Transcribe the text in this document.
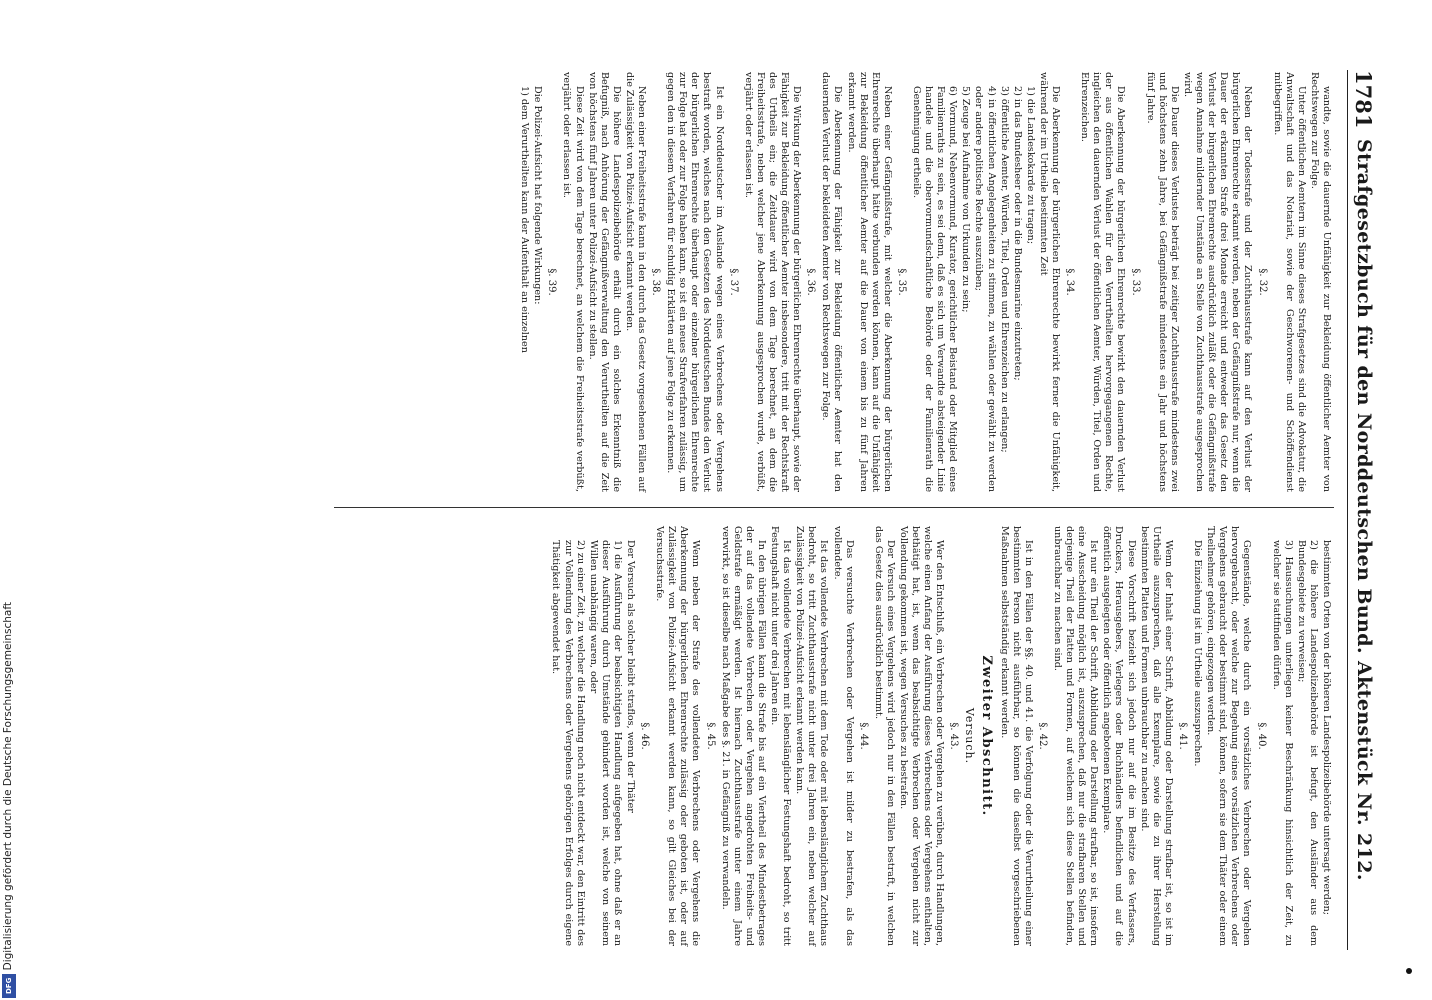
1781
Strafgesetzbuch für den Norddeutschen Bund. Aktenstück Nr. 212.

wandte, sowie die dauernde Unfähigkeit zur Bekleidung öffentlicher Aemter von Rechtswegen zur Folge.

Unter öffentlichen Aemtern im Sinne dieses Strafgesetzes sind die Advokatur, die Anwaltschaft und das Notariat, sowie der Geschworenen- und Schöffendienst mitbegriffen.

§. 32.

Neben der Todesstrafe und der Zuchthausstrafe kann auf den Verlust der bürgerlichen Ehrenrechte erkannt werden, neben der Gefängnißstrafe nur, wenn die Dauer der erkannten Strafe drei Monate erreicht und entweder das Gesetz den Verlust der bürgerlichen Ehrenrechte ausdrücklich zuläßt oder die Gefängnißstrafe wegen Annahme mildernder Umstände an Stelle von Zuchthausstrafe ausgesprochen wird.

Die Dauer dieses Verlustes beträgt bei zeitiger Zuchthausstrafe mindestens zwei und höchstens zehn Jahre, bei Gefängnißstrafe mindestens ein Jahr und höchstens fünf Jahre.

§. 33.

Die Aberkennung der bürgerlichen Ehrenrechte bewirkt den dauernden Verlust der aus öffentlichen Wahlen für den Verurtheilten hervorgegangenen Rechte, ingleichen den dauernden Verlust der öffentlichen Aemter, Würden, Titel, Orden und Ehrenzeichen.

§. 34.

Die Aberkennung der bürgerlichen Ehrenrechte bewirkt ferner die Unfähigkeit, während der im Urtheile bestimmten Zeit

1) die Landeskokarde zu tragen;

2) in das Bundesheer oder in die Bundesmarine einzutreten;

3) öffentliche Aemter, Würden, Titel, Orden und Ehrenzeichen zu erlangen;

4) in öffentlichen Angelegenheiten zu stimmen, zu wählen oder gewählt zu werden oder andere politische Rechte auszuüben;

5) Zeuge bei Aufnahme von Urkunden zu sein;

6) Vormund, Nebenvormund, Kurator, gerichtlicher Beistand oder Mitglied eines Familienraths zu sein, es sei denn, daß es sich um Verwandte absteigender Linie handele und die obervormundschaftliche Behörde oder der Familienrath die Genehmigung ertheile.

§. 35.

Neben einer Gefängnißstrafe, mit welcher die Aberkennung der bürgerlichen Ehrenrechte überhaupt hätte verbunden werden können, kann auf die Unfähigkeit zur Bekleidung öffentlicher Aemter auf die Dauer von einem bis zu fünf Jahren erkannt werden.

Die Aberkennung der Fähigkeit zur Bekleidung öffentlicher Aemter hat den dauernden Verlust der bekleideten Aemter von Rechtswegen zur Folge.

§. 36.

Die Wirkung der Aberkennung der bürgerlichen Ehrenrechte überhaupt, sowie der Fähigkeit zur Bekleidung öffentlicher Aemter insbesondere, tritt mit der Rechtskraft des Urtheils ein; die Zeitdauer wird von dem Tage berechnet, an dem die Freiheitsstrafe, neben welcher jene Aberkennung ausgesprochen wurde, verbüßt, verjährt oder erlassen ist.

§. 37.

Ist ein Norddeutscher im Auslande wegen eines Verbrechens oder Vergehens bestraft worden, welches nach den Gesetzen des Norddeutschen Bundes den Verlust der bürgerlichen Ehrenrechte überhaupt oder einzelner bürgerlichen Ehrenrechte zur Folge hat oder zur Folge haben kann, so ist ein neues Strafverfahren zulässig, um gegen den in diesem Verfahren für schuldig Erklärten auf jene Folge zu erkennen.

§. 38.

Neben einer Freiheitsstrafe kann in den durch das Gesetz vorgesehenen Fällen auf die Zulässigkeit von Polizei-Aufsicht erkannt werden.

Die höhere Landespolizeibehörde erhält durch ein solches Erkenntniß die Befugniß, nach Anhörung der Gefängnißverwaltung den Verurtheilten auf die Zeit von höchstens fünf Jahren unter Polizei-Aufsicht zu stellen.

Diese Zeit wird von dem Tage berechnet, an welchem die Freiheitsstrafe verbüßt, verjährt oder erlassen ist.

§. 39.

Die Polizei-Aufsicht hat folgende Wirkungen:

1) dem Verurtheilten kann der Aufenthalt an einzelnen

bestimmten Orten von der höheren Landespolizeibehörde untersagt werden;

2) die höhere Landespolizeibehörde ist befugt, den Ausländer aus dem Bundesgebiete zu verweisen;

3) Haussuchungen unterliegen keiner Beschränkung hinsichtlich der Zeit, zu welcher sie stattfinden dürfen.

§. 40.

Gegenstände, welche durch ein vorsätzliches Verbrechen oder Vergehen hervorgebracht, oder welche zur Begehung eines vorsätzlichen Verbrechens oder Vergehens gebraucht oder bestimmt sind, können, sofern sie dem Thäter oder einem Theilnehmer gehören, eingezogen werden.

Die Einziehung ist im Urtheile auszusprechen.

§. 41.

Wenn der Inhalt einer Schrift, Abbildung oder Darstellung strafbar ist, so ist im Urtheile auszusprechen, daß alle Exemplare, sowie die zu ihrer Herstellung bestimmten Platten und Formen unbrauchbar zu machen sind.

Diese Vorschrift bezieht sich jedoch nur auf die im Besitze des Verfassers, Druckers, Herausgebers, Verlegers oder Buchhändlers befindlichen und auf die öffentlich ausgelegten oder öffentlich angebotenen Exemplare.

Ist nur ein Theil der Schrift, Abbildung oder Darstellung strafbar, so ist, insofern eine Ausscheidung möglich ist, auszusprechen, daß nur die strafbaren Stellen und derjenige Theil der Platten und Formen, auf welchem sich diese Stellen befinden, unbrauchbar zu machen sind.

§. 42.

Ist in den Fällen der §§. 40. und 41. die Verfolgung oder die Verurtheilung einer bestimmten Person nicht ausführbar, so können die daselbst vorgeschriebenen Maßnahmen selbstständig erkannt werden.

Zweiter Abschnitt.
Versuch.
§. 43.

Wer den Entschluß, ein Verbrechen oder Vergehen zu verüben, durch Handlungen, welche einen Anfang der Ausführung dieses Verbrechens oder Vergehens enthalten, bethätigt hat, ist, wenn das beabsichtigte Verbrechen oder Vergehen nicht zur Vollendung gekommen ist, wegen Versuches zu bestrafen.

Der Versuch eines Vergehens wird jedoch nur in den Fällen bestraft, in welchen das Gesetz dies ausdrücklich bestimmt.

§. 44.

Das versuchte Verbrechen oder Vergehen ist milder zu bestrafen, als das vollendete.

Ist das vollendete Verbrechen mit dem Tode oder mit lebenslänglichem Zuchthaus bedroht, so tritt Zuchthausstrafe nicht unter drei Jahren ein, neben welcher auf Zulässigkeit von Polizei-Aufsicht erkannt werden kann.

Ist das vollendete Verbrechen mit lebenslänglicher Festungshaft bedroht, so tritt Festungshaft nicht unter drei Jahren ein.

In den übrigen Fällen kann die Strafe bis auf ein Viertheil des Mindestbetrages der auf das vollendete Verbrechen oder Vergehen angedrohten Freiheits- und Geldstrafe ermäßigt werden. Ist hiernach Zuchthausstrafe unter einem Jahre verwirkt, so ist dieselbe nach Maßgabe des §. 21. in Gefängniß zu verwandeln.

§. 45.

Wenn neben der Strafe des vollendeten Verbrechens oder Vergehens die Aberkennung der bürgerlichen Ehrenrechte zulässig oder geboten ist, oder auf Zulässigkeit von Polizei-Aufsicht erkannt werden kann, so gilt Gleiches bei der Versuchsstrafe.

§. 46.

Der Versuch als solcher bleibt straflos, wenn der Thäter

1) die Ausführung der beabsichtigten Handlung aufgegeben hat, ohne daß er an dieser Ausführung durch Umstände gehindert worden ist, welche von seinem Willen unabhängig waren, oder

2) zu einer Zeit, zu welcher die Handlung noch nicht entdeckt war, den Eintritt des zur Vollendung des Verbrechens oder Vergehens gehörigen Erfolges durch eigene Thätigkeit abgewendet hat.

Digitalisierung gefördert durch die Deutsche Forschungsgemeinschaft
DFG
